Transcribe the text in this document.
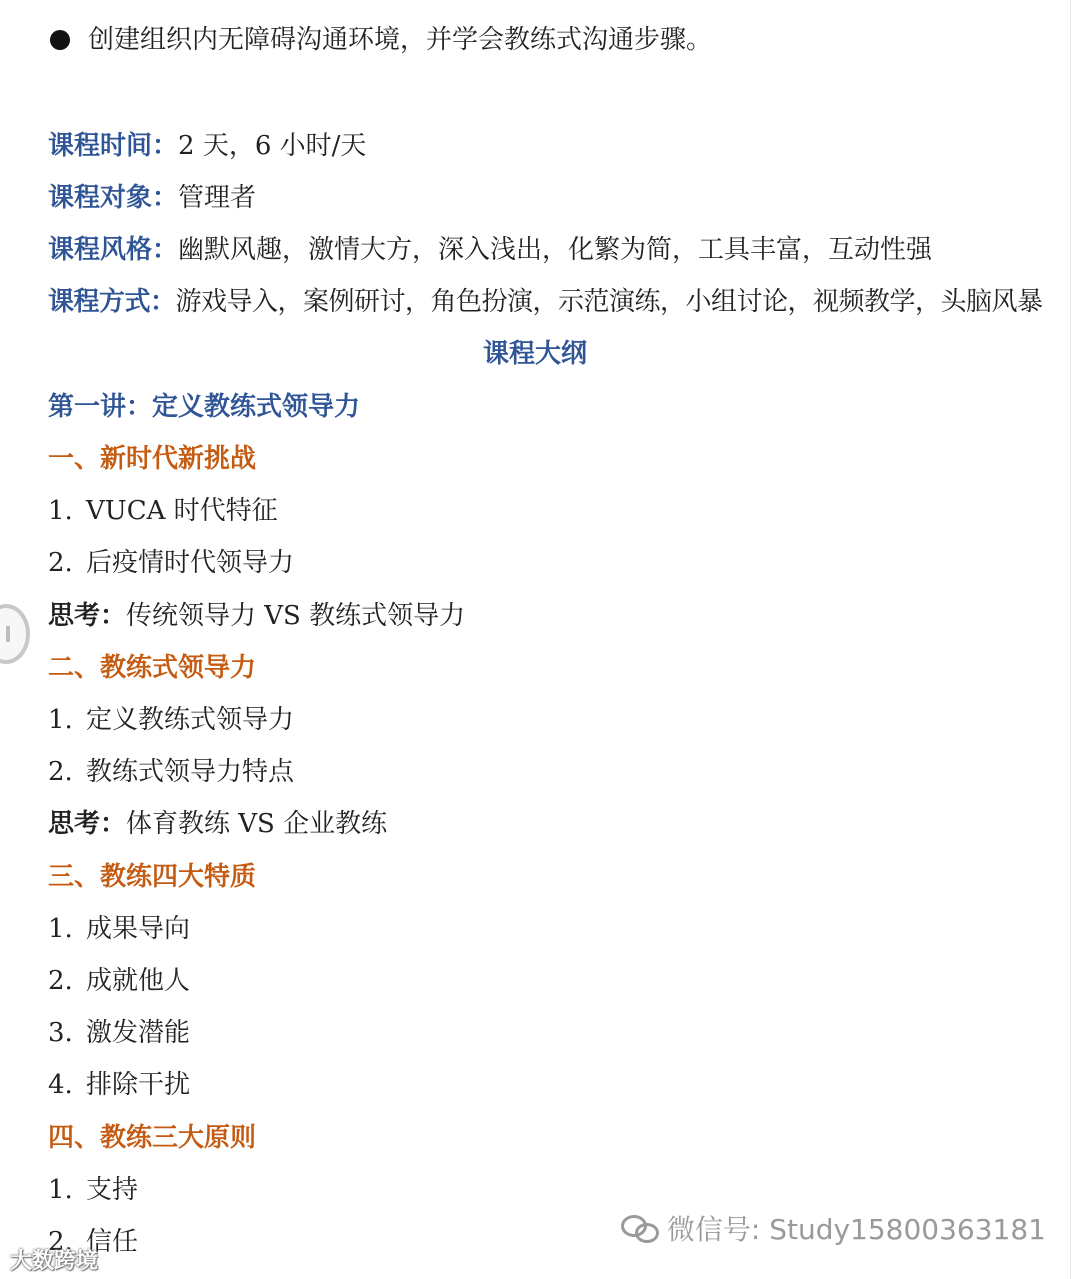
创建组织内无障碍沟通环境，并学会教练式沟通步骤。
课程时间：2 天，6 小时/天
课程对象：管理者
课程风格：幽默风趣，激情大方，深入浅出，化繁为简，工具丰富，互动性强
课程方式：游戏导入，案例研讨，角色扮演，示范演练，小组讨论，视频教学，头脑风暴
课程大纲
第一讲：定义教练式领导力
一、新时代新挑战
1. VUCA 时代特征
2. 后疫情时代领导力
思考：传统领导力 VS 教练式领导力
二、教练式领导力
1. 定义教练式领导力
2. 教练式领导力特点
思考：体育教练 VS 企业教练
三、教练四大特质
1. 成果导向
2. 成就他人
3. 激发潜能
4. 排除干扰
四、教练三大原则
1. 支持
2. 信任	微信号: Study15800363181
大数跨境
